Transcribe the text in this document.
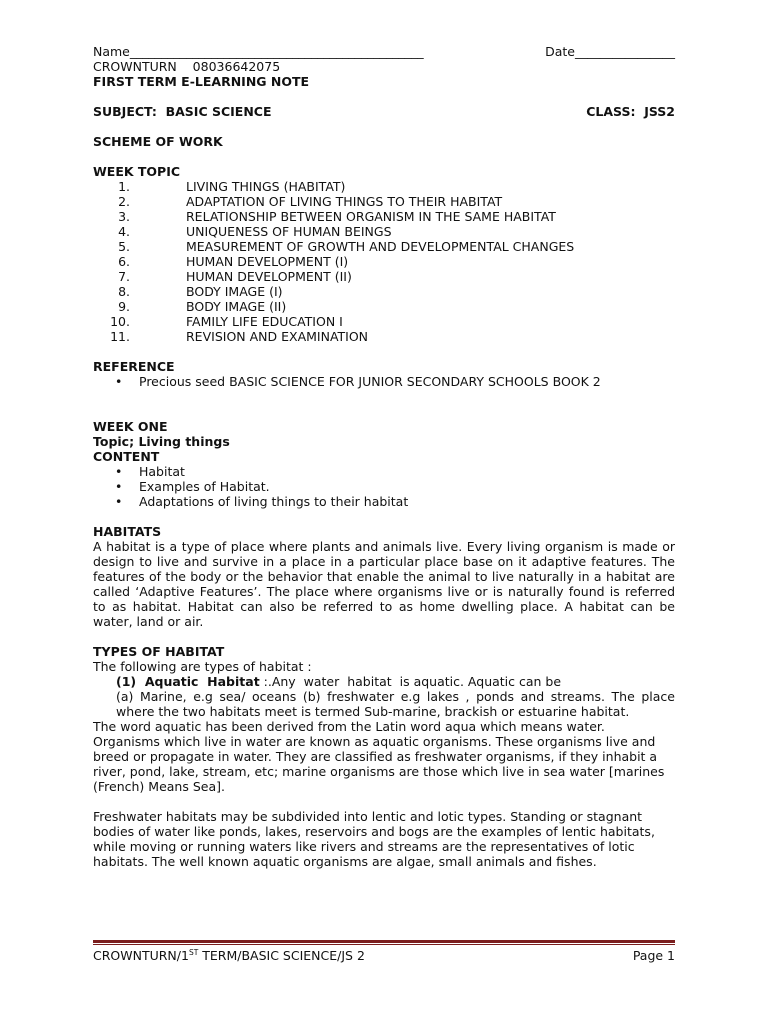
Name_______________________________________________	Date________________
CROWNTURN    08036642075
FIRST TERM E-LEARNING NOTE
SUBJECT:  BASIC SCIENCE	CLASS:  JSS2
SCHEME OF WORK
WEEK TOPIC
1.	LIVING THINGS (HABITAT)
2.	ADAPTATION OF LIVING THINGS TO THEIR HABITAT
3.	RELATIONSHIP BETWEEN ORGANISM IN THE SAME HABITAT
4.	UNIQUENESS OF HUMAN BEINGS
5.	MEASUREMENT OF GROWTH AND DEVELOPMENTAL CHANGES
6.	HUMAN DEVELOPMENT (I)
7.	HUMAN DEVELOPMENT (II)
8.	BODY IMAGE (I)
9.	BODY IMAGE (II)
10.	FAMILY LIFE EDUCATION I
11.	REVISION AND EXAMINATION
REFERENCE
• Precious seed BASIC SCIENCE FOR JUNIOR SECONDARY SCHOOLS BOOK 2
WEEK ONE
Topic; Living things
CONTENT
• Habitat
• Examples of Habitat.
• Adaptations of living things to their habitat
HABITATS
A habitat is a type of place where plants and animals live. Every living organism is made or design to live and survive in a place in a particular place base on it adaptive features. The features of the body or the behavior that enable the animal to live naturally in a habitat are called ‘Adaptive Features’. The place where organisms live or is naturally found is referred to as habitat. Habitat can also be referred to as home dwelling place. A habitat can be water, land or air.
TYPES OF HABITAT
The following are types of habitat :
(1)  Aquatic  Habitat :.Any  water  habitat  is aquatic. Aquatic can be
(a) Marine, e.g sea/ oceans (b) freshwater e.g lakes , ponds and streams. The place where the two habitats meet is termed Sub-marine, brackish or estuarine habitat.
The word aquatic has been derived from the Latin word aqua which means water. Organisms which live in water are known as aquatic organisms. These organisms live and breed or propagate in water. They are classified as freshwater organisms, if they inhabit a river, pond, lake, stream, etc; marine organisms are those which live in sea water [marines (French) Means Sea].
Freshwater habitats may be subdivided into lentic and lotic types. Standing or stagnant bodies of water like ponds, lakes, reservoirs and bogs are the examples of lentic habitats, while moving or running waters like rivers and streams are the representatives of lotic habitats. The well known aquatic organisms are algae, small animals and fishes.
CROWNTURN/1ST TERM/BASIC SCIENCE/JS 2	Page 1
